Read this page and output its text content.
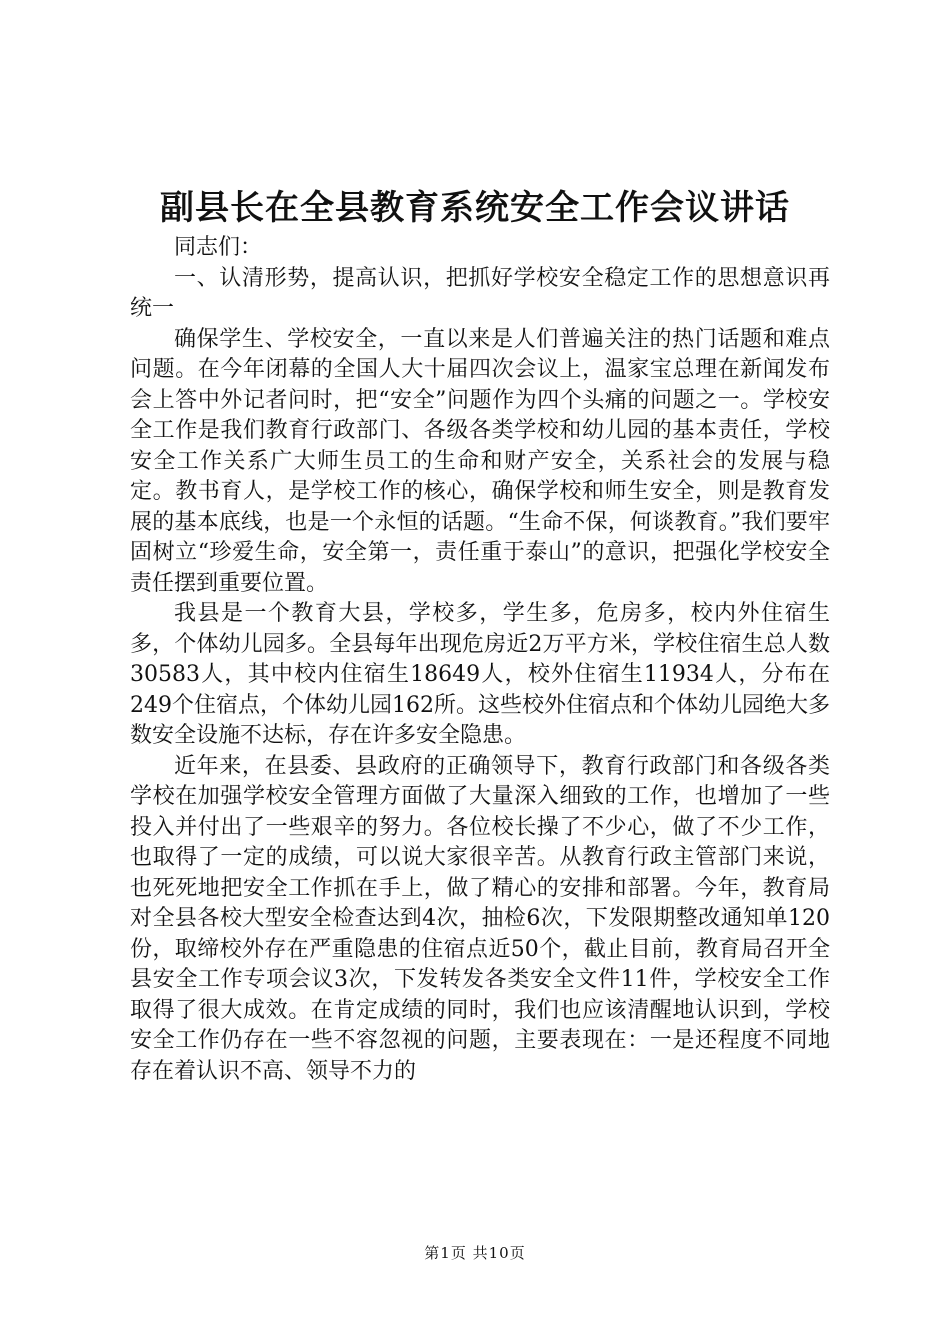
副县长在全县教育系统安全工作会议讲话

同志们：

一、认清形势，提高认识，把抓好学校安全稳定工作的思想意识再统一

确保学生、学校安全，一直以来是人们普遍关注的热门话题和难点问题。在今年闭幕的全国人大十届四次会议上，温家宝总理在新闻发布会上答中外记者问时，把“安全”问题作为四个头痛的问题之一。学校安全工作是我们教育行政部门、各级各类学校和幼儿园的基本责任，学校安全工作关系广大师生员工的生命和财产安全，关系社会的发展与稳定。教书育人，是学校工作的核心，确保学校和师生安全，则是教育发展的基本底线，也是一个永恒的话题。“生命不保，何谈教育。”我们要牢固树立“珍爱生命，安全第一，责任重于泰山”的意识，把强化学校安全责任摆到重要位置。

我县是一个教育大县，学校多，学生多，危房多，校内外住宿生多，个体幼儿园多。全县每年出现危房近2万平方米，学校住宿生总人数30583人，其中校内住宿生18649人，校外住宿生11934人，分布在249个住宿点，个体幼儿园162所。这些校外住宿点和个体幼儿园绝大多数安全设施不达标，存在许多安全隐患。

近年来，在县委、县政府的正确领导下，教育行政部门和各级各类学校在加强学校安全管理方面做了大量深入细致的工作，也增加了一些投入并付出了一些艰辛的努力。各位校长操了不少心，做了不少工作，也取得了一定的成绩，可以说大家很辛苦。从教育行政主管部门来说，也死死地把安全工作抓在手上，做了精心的安排和部署。今年，教育局对全县各校大型安全检查达到4次，抽检6次，下发限期整改通知单120份，取缔校外存在严重隐患的住宿点近50个，截止目前，教育局召开全县安全工作专项会议3次，下发转发各类安全文件11件，学校安全工作取得了很大成效。在肯定成绩的同时，我们也应该清醒地认识到，学校安全工作仍存在一些不容忽视的问题，主要表现在：一是还程度不同地存在着认识不高、领导不力的

第1页 共10页
